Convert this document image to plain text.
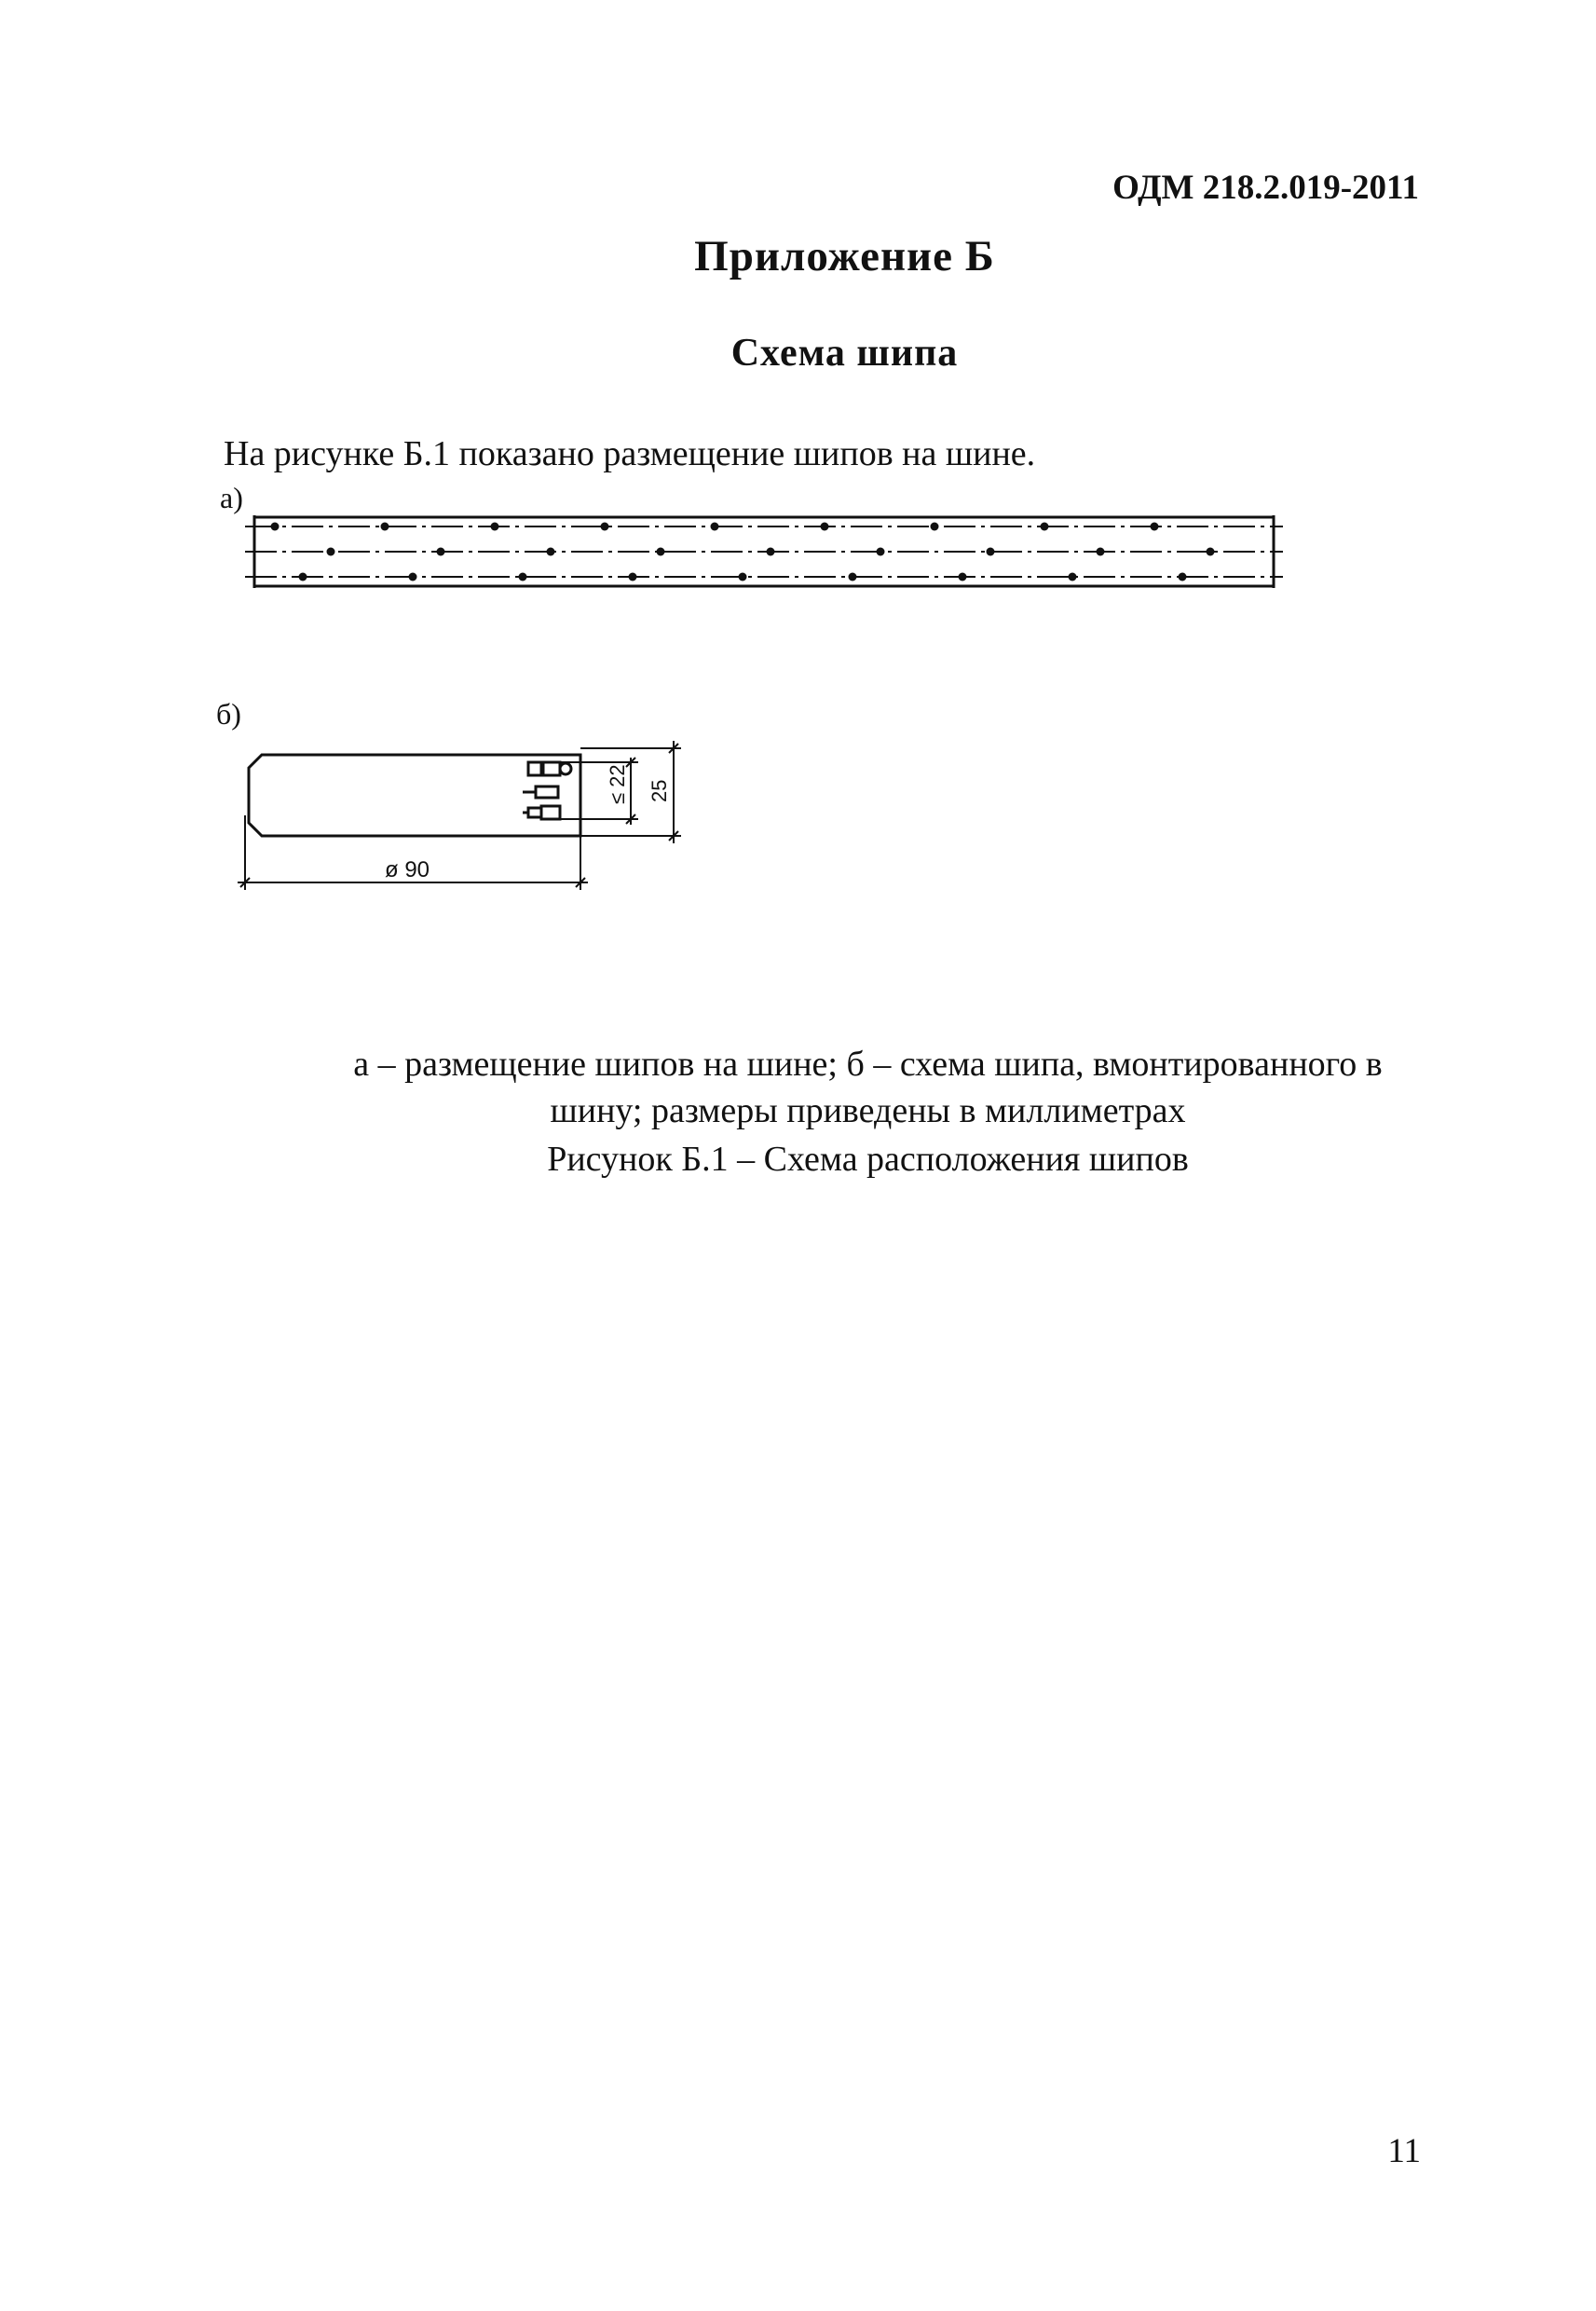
ОДМ 218.2.019-2011
Приложение Б
Схема шипа
На рисунке Б.1 показано размещение шипов на шине.
а)
б)
ø 90
≤ 22 25
а – размещение шипов на шине; б – схема шипа, вмонтированного в
шину; размеры приведены в миллиметрах
Рисунок Б.1 – Схема расположения шипов
11
